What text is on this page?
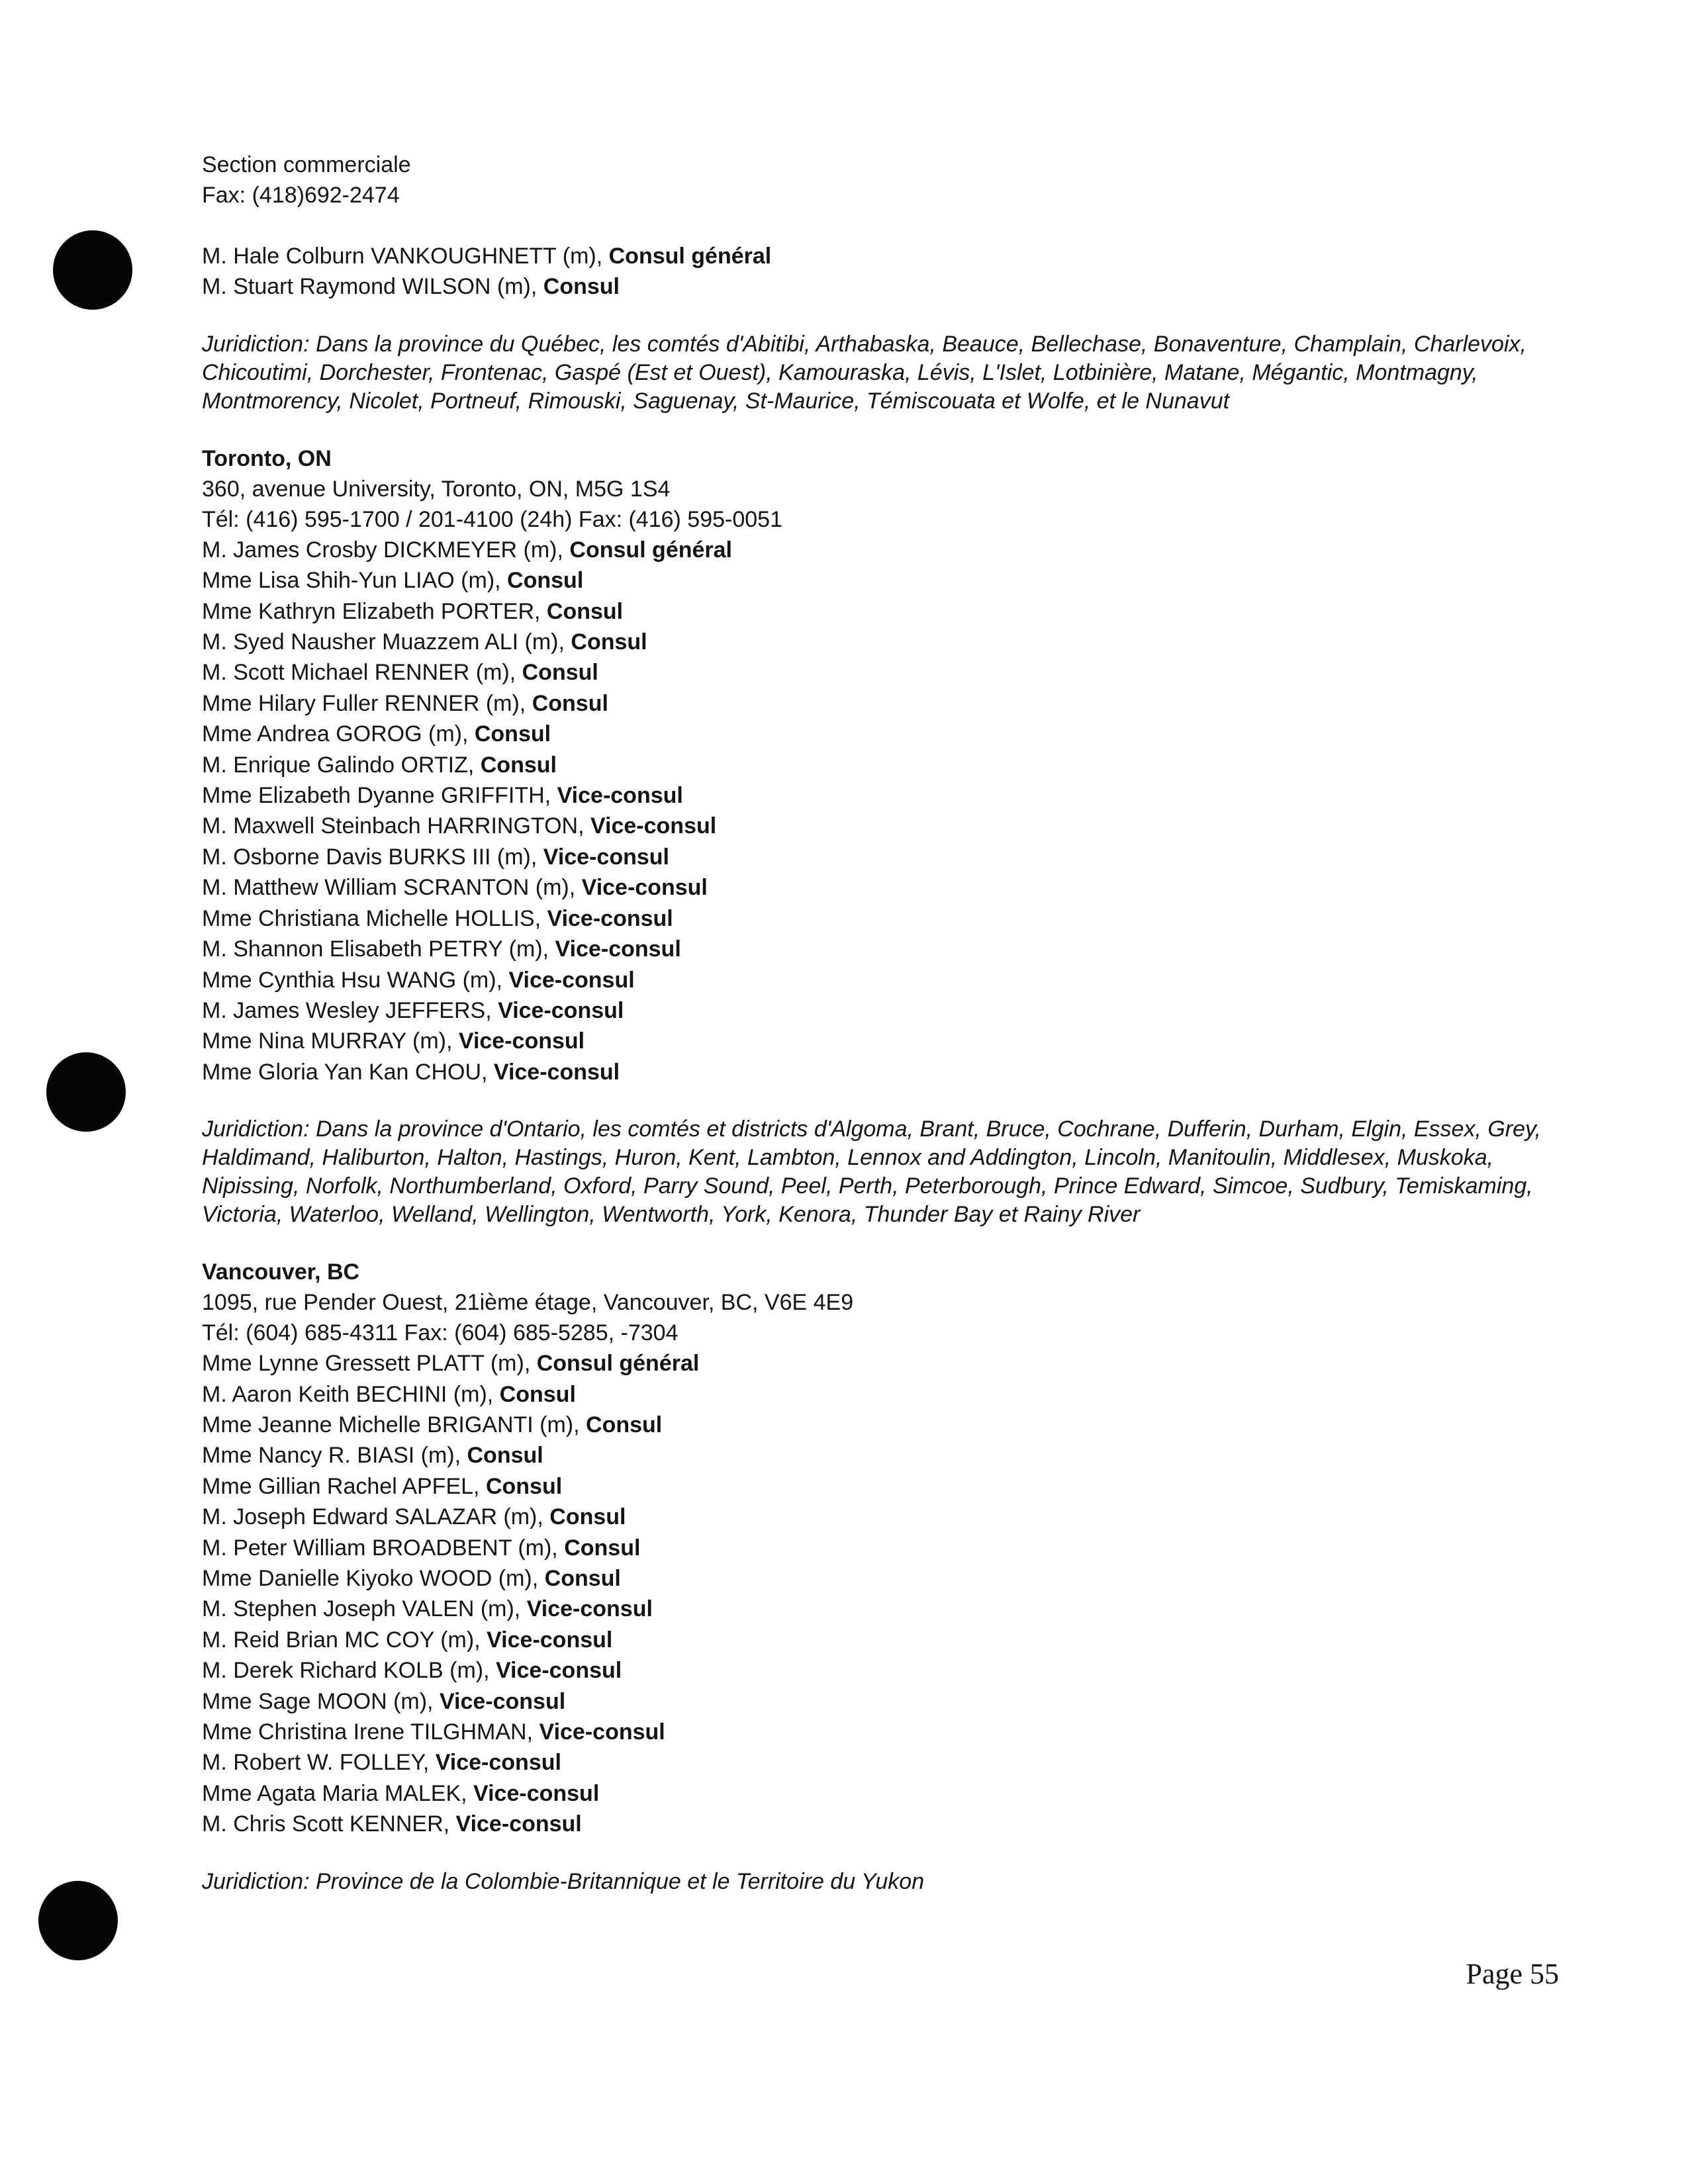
Section commerciale

Fax: (418)692-2474

M. Hale Colburn VANKOUGHNETT (m), Consul général

M. Stuart Raymond WILSON (m), Consul

Juridiction: Dans la province du Québec, les comtés d'Abitibi, Arthabaska, Beauce, Bellechase, Bonaventure, Champlain, Charlevoix, Chicoutimi, Dorchester, Frontenac, Gaspé (Est et Ouest), Kamouraska, Lévis, L'Islet, Lotbinière, Matane, Mégantic, Montmagny, Montmorency, Nicolet, Portneuf, Rimouski, Saguenay, St-Maurice, Témiscouata et Wolfe, et le Nunavut

Toronto, ON

360, avenue University, Toronto, ON, M5G 1S4

Tél: (416) 595-1700 / 201-4100 (24h) Fax: (416) 595-0051

M. James Crosby DICKMEYER (m), Consul général

Mme Lisa Shih-Yun LIAO (m), Consul

Mme Kathryn Elizabeth PORTER, Consul

M. Syed Nausher Muazzem ALI (m), Consul

M. Scott Michael RENNER (m), Consul

Mme Hilary Fuller RENNER (m), Consul

Mme Andrea GOROG (m), Consul

M. Enrique Galindo ORTIZ, Consul

Mme Elizabeth Dyanne GRIFFITH, Vice-consul

M. Maxwell Steinbach HARRINGTON, Vice-consul

M. Osborne Davis BURKS III (m), Vice-consul

M. Matthew William SCRANTON (m), Vice-consul

Mme Christiana Michelle HOLLIS, Vice-consul

M. Shannon Elisabeth PETRY (m), Vice-consul

Mme Cynthia Hsu WANG (m), Vice-consul

M. James Wesley JEFFERS, Vice-consul

Mme Nina MURRAY (m), Vice-consul

Mme Gloria Yan Kan CHOU, Vice-consul

Juridiction: Dans la province d'Ontario, les comtés et districts d'Algoma, Brant, Bruce, Cochrane, Dufferin, Durham, Elgin, Essex, Grey, Haldimand, Haliburton, Halton, Hastings, Huron, Kent, Lambton, Lennox and Addington, Lincoln, Manitoulin, Middlesex, Muskoka, Nipissing, Norfolk, Northumberland, Oxford, Parry Sound, Peel, Perth, Peterborough, Prince Edward, Simcoe, Sudbury, Temiskaming, Victoria, Waterloo, Welland, Wellington, Wentworth, York, Kenora, Thunder Bay et Rainy River

Vancouver, BC

1095, rue Pender Ouest, 21ième étage, Vancouver, BC, V6E 4E9

Tél: (604) 685-4311 Fax: (604) 685-5285, -7304

Mme Lynne Gressett PLATT (m), Consul général

M. Aaron Keith BECHINI (m), Consul

Mme Jeanne Michelle BRIGANTI (m), Consul

Mme Nancy R. BIASI (m), Consul

Mme Gillian Rachel APFEL, Consul

M. Joseph Edward SALAZAR (m), Consul

M. Peter William BROADBENT (m), Consul

Mme Danielle Kiyoko WOOD (m), Consul

M. Stephen Joseph VALEN (m), Vice-consul

M. Reid Brian MC COY (m), Vice-consul

M. Derek Richard KOLB (m), Vice-consul

Mme Sage MOON (m), Vice-consul

Mme Christina Irene TILGHMAN, Vice-consul

M. Robert W. FOLLEY, Vice-consul

Mme Agata Maria MALEK, Vice-consul

M. Chris Scott KENNER, Vice-consul

Juridiction: Province de la Colombie-Britannique et le Territoire du Yukon

Page 55
